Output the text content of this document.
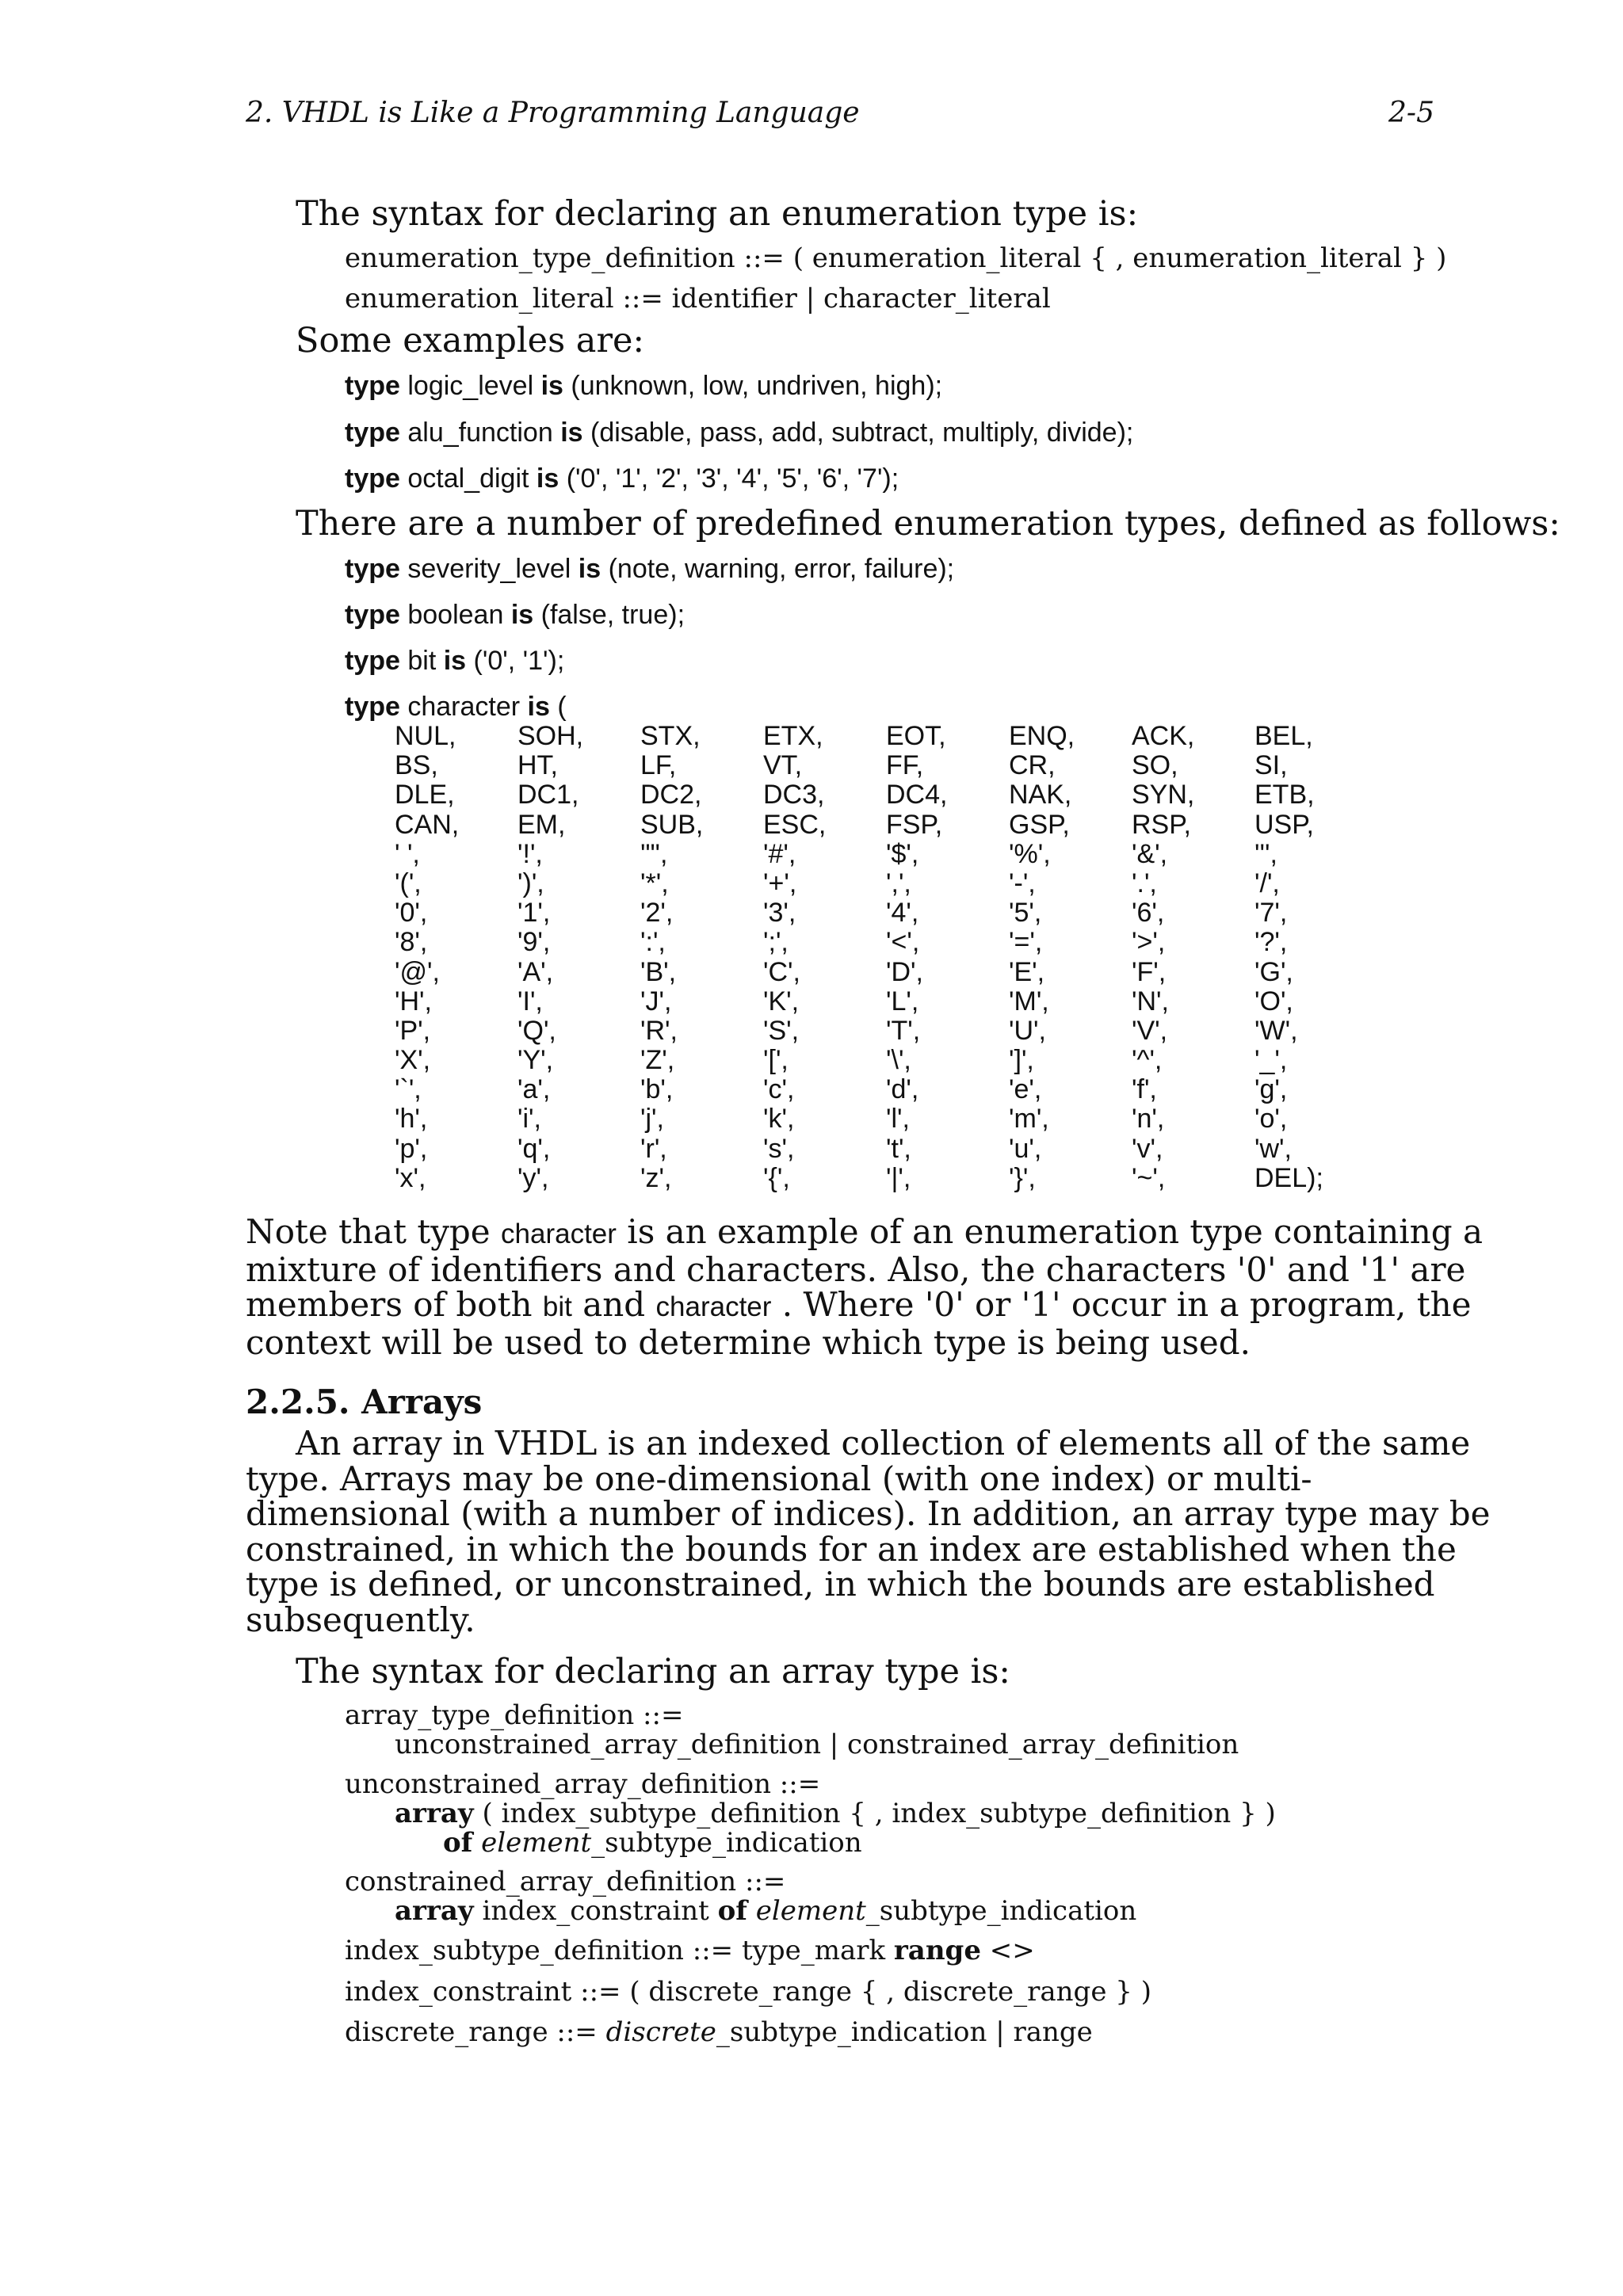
2. VHDL is Like a Programming Language	2-5
The syntax for declaring an enumeration type is:
enumeration_type_definition ::= ( enumeration_literal { , enumeration_literal } )
enumeration_literal ::= identifier | character_literal
Some examples are:
type logic_level is (unknown, low, undriven, high);
type alu_function is (disable, pass, add, subtract, multiply, divide);
type octal_digit is ('0', '1', '2', '3', '4', '5', '6', '7');
There are a number of predefined enumeration types, defined as follows:
type severity_level is (note, warning, error, failure);
type boolean is (false, true);
type bit is ('0', '1');
type character is (
NUL, SOH, STX, ETX, EOT, ENQ, ACK, BEL,
BS,	HT,	LF,	VT,	FF,	CR,	SO,	SI,
DLE, DC1, DC2, DC3, DC4, NAK, SYN, ETB,
CAN, EM,	SUB, ESC, FSP, GSP, RSP, USP,
' ',	'!',	'"',	'#',	'$',	'%',	'&',	''',
'(',	')',	'*',	'+',	',',	'-',	'.',	'/',
'0',	'1',	'2',	'3',	'4',	'5',	'6',	'7',
'8',	'9',	':',	';',	'<',	'=',	'>',	'?',
'@',	'A',	'B',	'C',	'D',	'E',	'F',	'G',
'H',	'I',	'J',	'K',	'L',	'M',	'N',	'O',
'P',	'Q',	'R',	'S',	'T',	'U',	'V',	'W',
'X',	'Y',	'Z',	'[',	'\',	']',	'^',	'_',
'`',	'a',	'b',	'c',	'd',	'e',	'f',	'g',
'h',	'i',	'j',	'k',	'l',	'm',	'n',	'o',
'p',	'q',	'r',	's',	't',	'u',	'v',	'w',
'x',	'y',	'z',	'{',	'|',	'}',	'~',	DEL);
Note that type character is an example of an enumeration type containing a
mixture of identifiers and characters. Also, the characters '0' and '1' are
members of both bit and character . Where '0' or '1' occur in a program, the
context will be used to determine which type is being used.
2.2.5. Arrays
An array in VHDL is an indexed collection of elements all of the same
type. Arrays may be one-dimensional (with one index) or multi-
dimensional (with a number of indices). In addition, an array type may be
constrained, in which the bounds for an index are established when the
type is defined, or unconstrained, in which the bounds are established
subsequently.
The syntax for declaring an array type is:
array_type_definition ::=
unconstrained_array_definition | constrained_array_definition
unconstrained_array_definition ::=
array ( index_subtype_definition { , index_subtype_definition } )
of element_subtype_indication
constrained_array_definition ::=
array index_constraint of element_subtype_indication
index_subtype_definition ::= type_mark range <>
index_constraint ::= ( discrete_range { , discrete_range } )
discrete_range ::= discrete_subtype_indication | range
